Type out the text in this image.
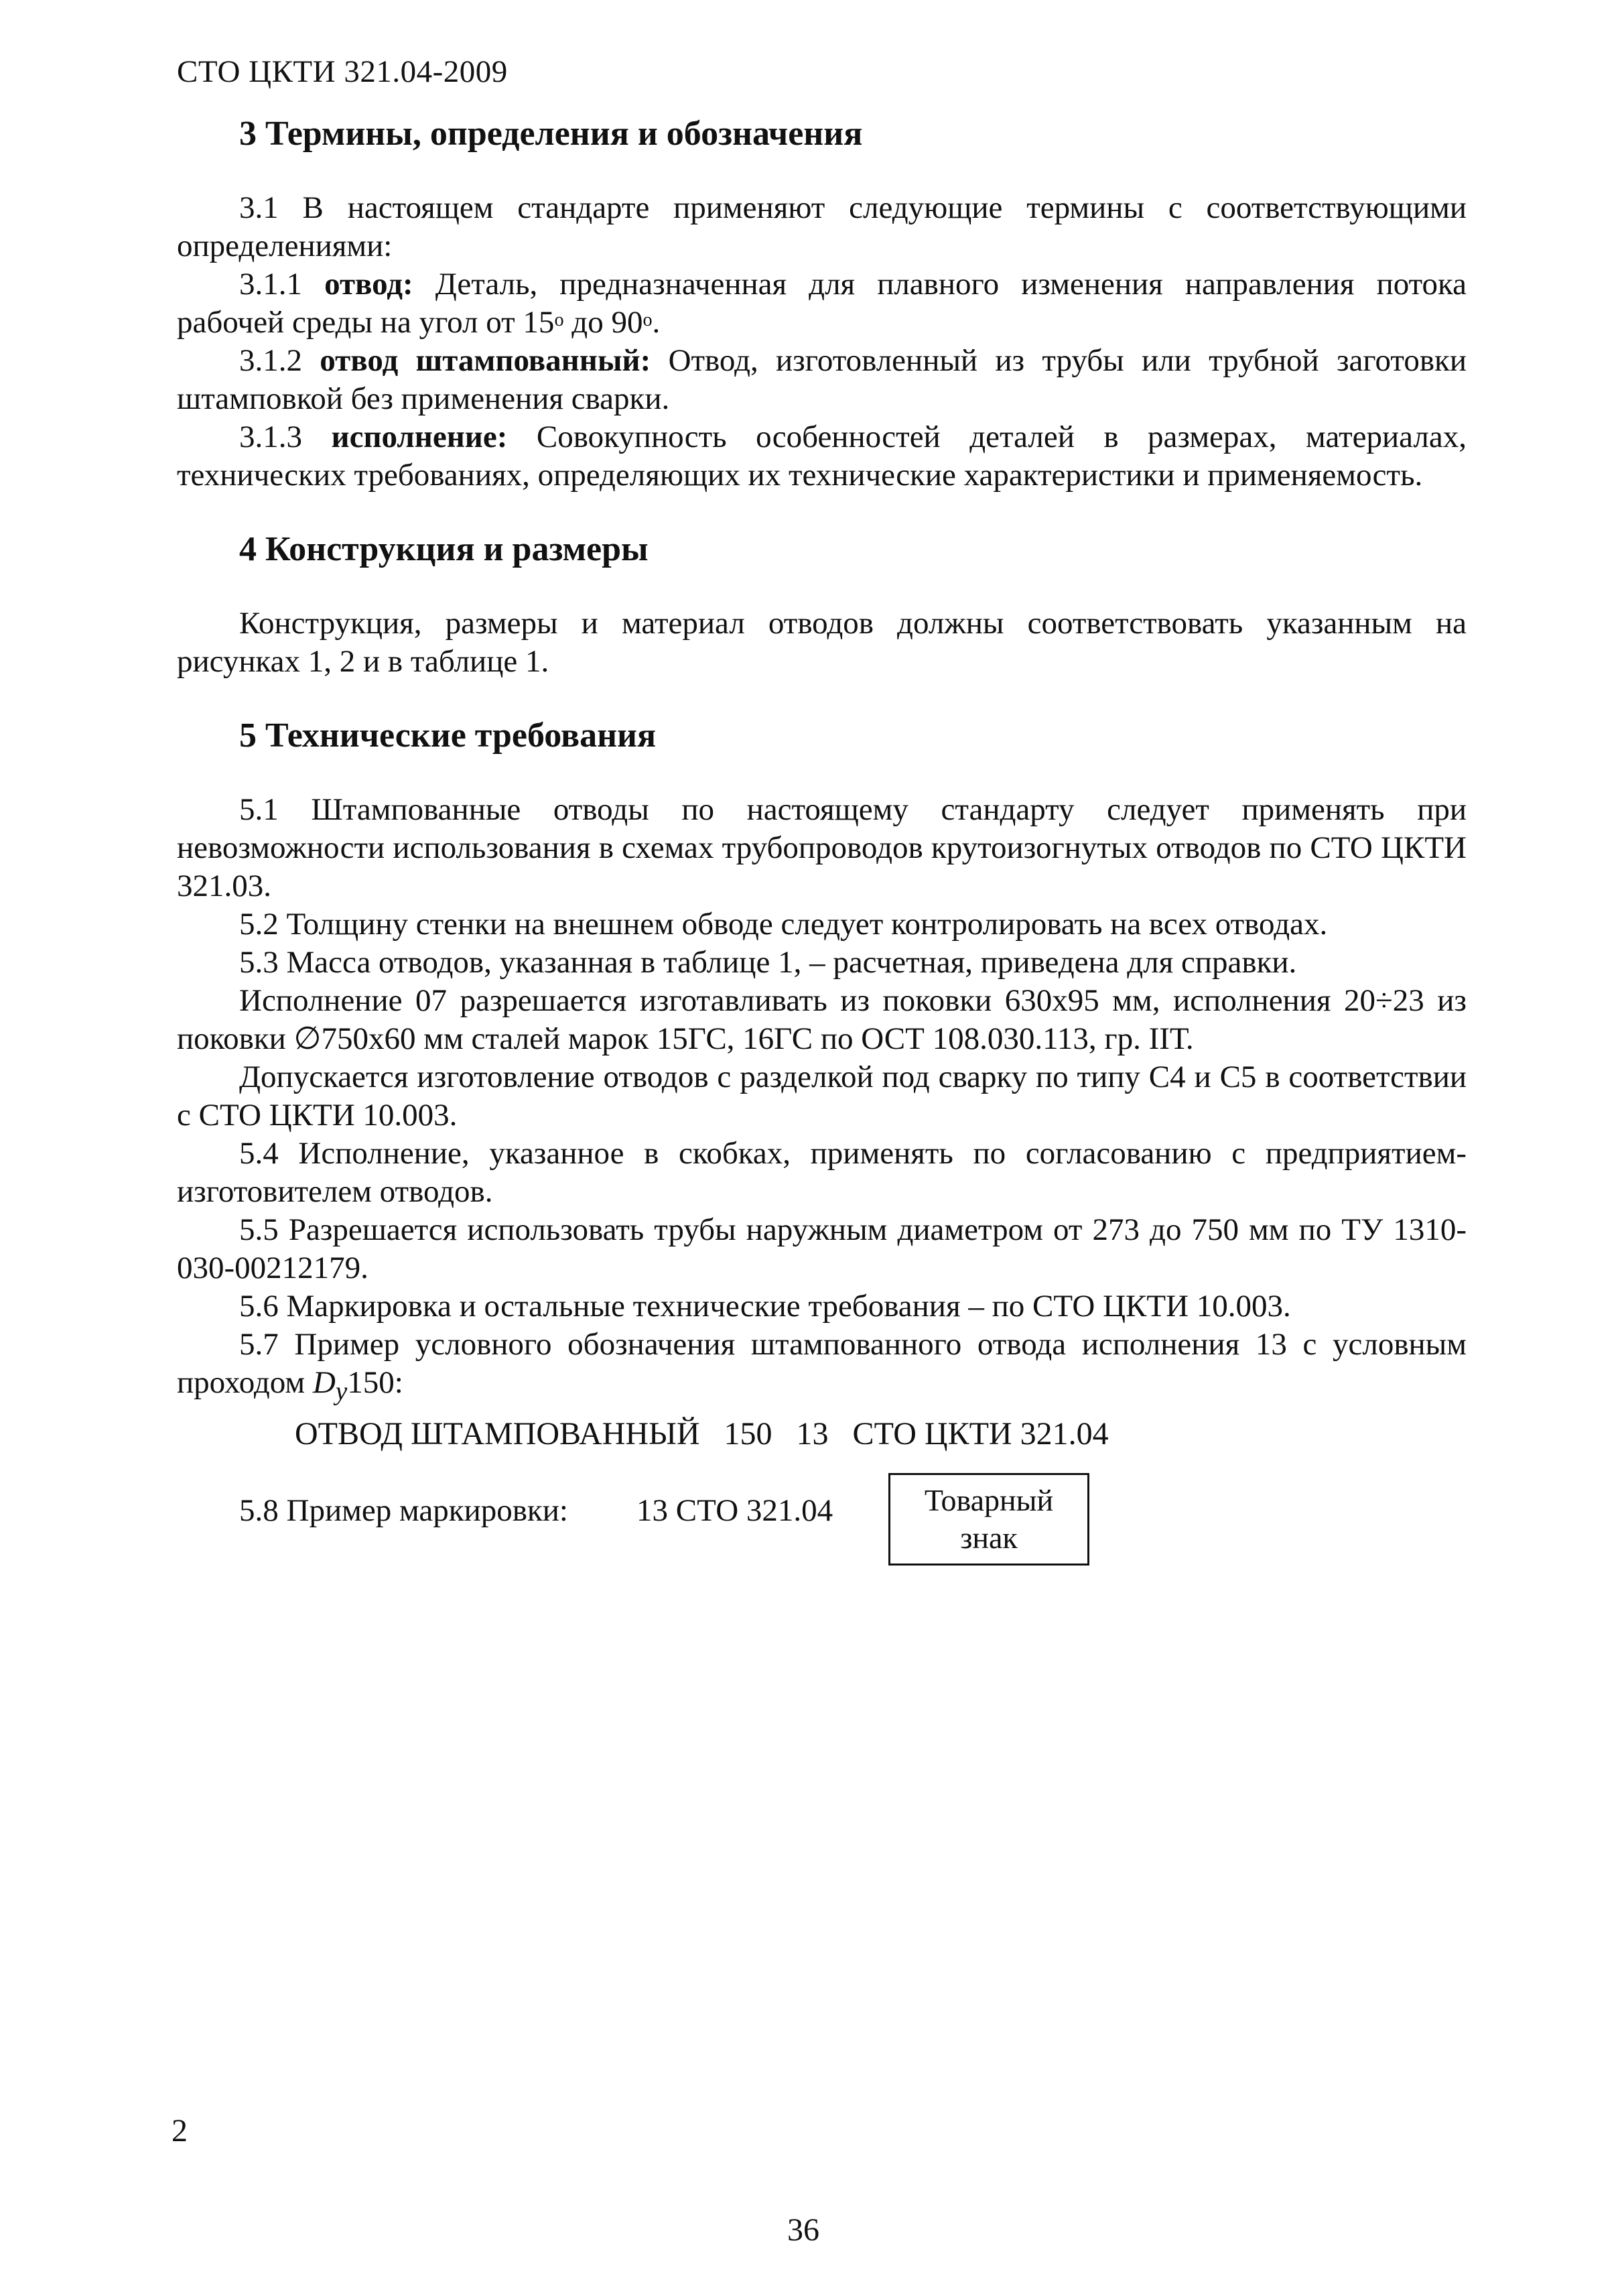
СТО ЦКТИ 321.04-2009
3 Термины, определения и обозначения

3.1 В настоящем стандарте применяют следующие термины с соответствующими определениями:

3.1.1 отвод: Деталь, предназначенная для плавного изменения направления потока рабочей среды на угол от $15^о$ до $90^о$.

3.1.2 отвод штампованный: Отвод, изготовленный из трубы или трубной заготовки штамповкой без применения сварки.

3.1.3 исполнение: Совокупность особенностей деталей в размерах, материалах, технических требованиях, определяющих их технические характеристики и применяемость.

4 Конструкция и размеры

Конструкция, размеры и материал отводов должны соответствовать указанным на рисунках 1, 2 и в таблице 1.

5 Технические требования

5.1 Штампованные отводы по настоящему стандарту следует применять при невозможности использования в схемах трубопроводов крутоизогнутых отводов по СТО ЦКТИ 321.03.

5.2 Толщину стенки на внешнем обводе следует контролировать на всех отводах.

5.3 Масса отводов, указанная в таблице 1, – расчетная, приведена для справки.

Исполнение 07 разрешается изготавливать из поковки 630х95 мм, исполнения 20÷23 из поковки ∅750х60 мм сталей марок 15ГС, 16ГС по ОСТ 108.030.113, гр. IIТ.

Допускается изготовление отводов с разделкой под сварку по типу С4 и С5 в соответствии с СТО ЦКТИ 10.003.

5.4 Исполнение, указанное в скобках, применять по согласованию с предприятием-изготовителем отводов.

5.5 Разрешается использовать трубы наружным диаметром от 273 до 750 мм по ТУ 1310-030-00212179.

5.6 Маркировка и остальные технические требования – по СТО ЦКТИ 10.003.

5.7 Пример условного обозначения штампованного отвода исполнения 13 с условным проходом $D_y150$:

ОТВОД ШТАМПОВАННЫЙ 150 13 СТО ЦКТИ 321.04
5.8 Пример маркировки: 13 СТО 321.04	Товарный
знак
2
36
